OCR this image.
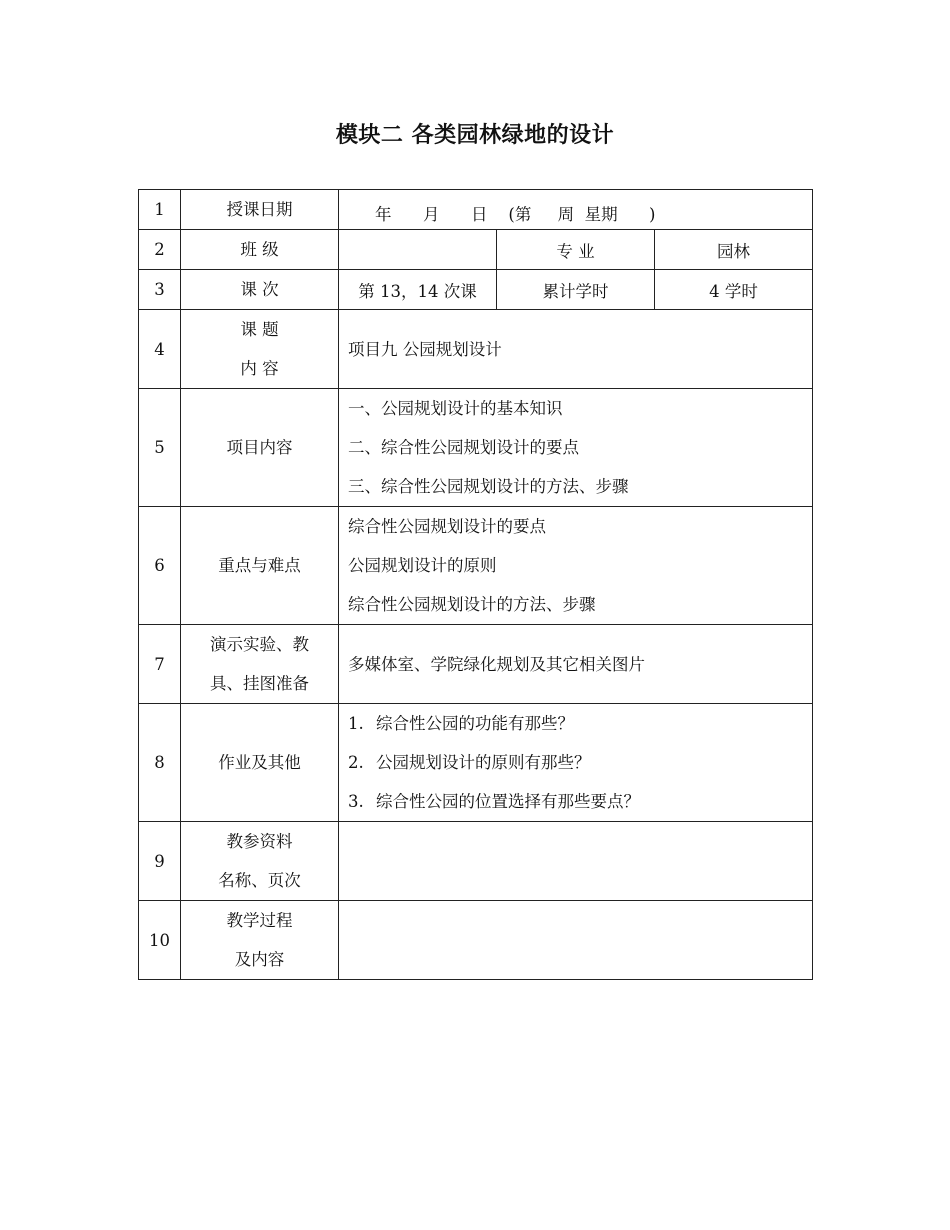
模块二 各类园林绿地的设计
1	授课日期	年      月      日    (第     周  星期      )		

2	班 级		专 业	园林
3	课 次	第 13，14 次课	累计学时	4 学时
4	课 题
内 容	项目九 公园规划设计		

5	项目内容	一、公园规划设计的基本知识
二、综合性公园规划设计的要点
三、综合性公园规划设计的方法、步骤		

6	重点与难点	综合性公园规划设计的要点
公园规划设计的原则
综合性公园规划设计的方法、步骤		

7	演示实验、教
具、挂图准备	多媒体室、学院绿化规划及其它相关图片		

8	作业及其他	1. 综合性公园的功能有那些？
2. 公园规划设计的原则有那些？
3. 综合性公园的位置选择有那些要点？		

9	教参资料
名称、页次			

10	教学过程
及内容			
